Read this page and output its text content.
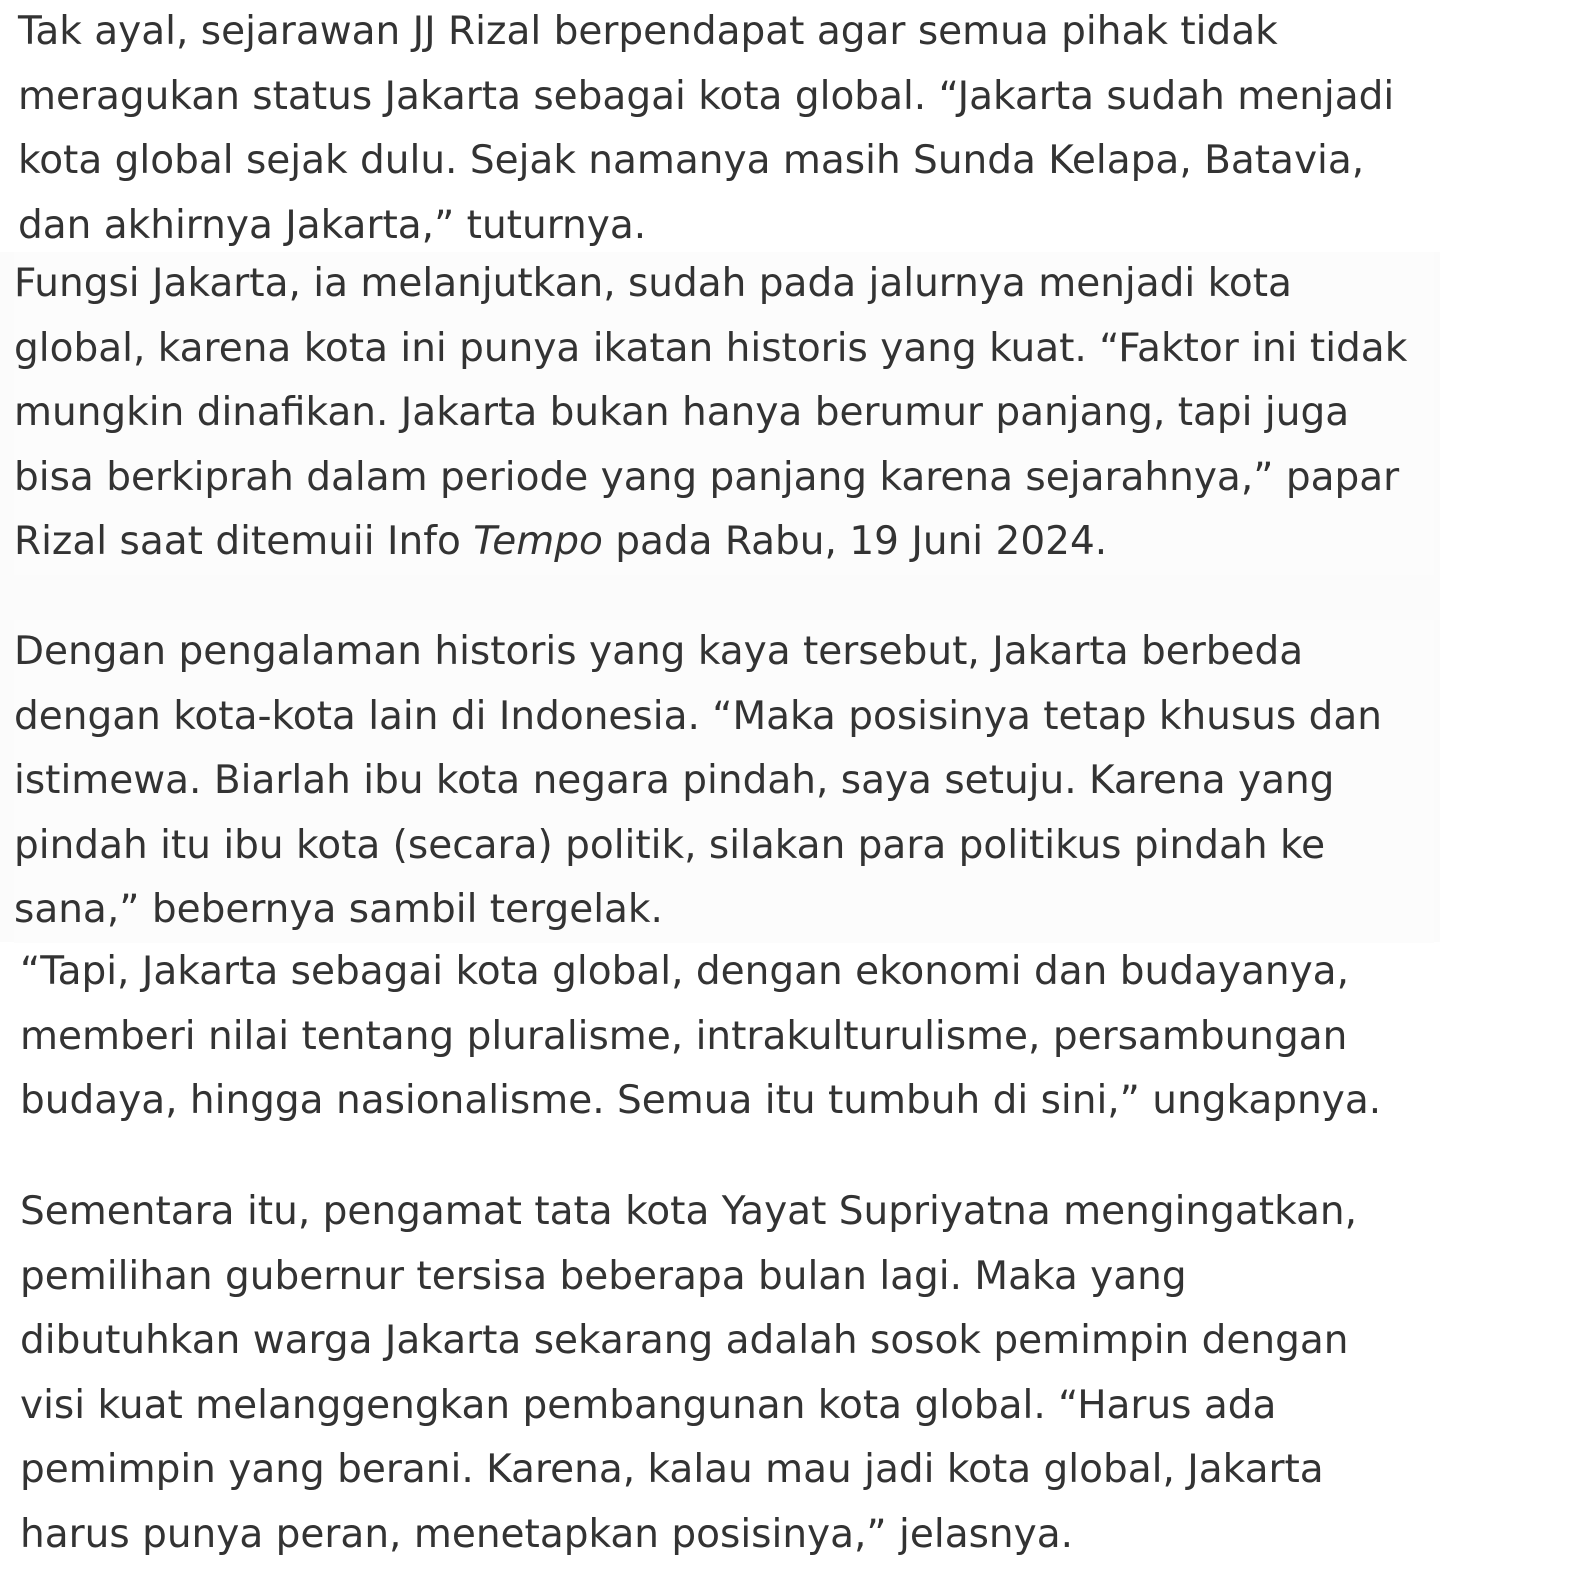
Tak ayal, sejarawan JJ Rizal berpendapat agar semua pihak tidak
meragukan status Jakarta sebagai kota global. “Jakarta sudah menjadi
kota global sejak dulu. Sejak namanya masih Sunda Kelapa, Batavia,
dan akhirnya Jakarta,” tuturnya.

Fungsi Jakarta, ia melanjutkan, sudah pada jalurnya menjadi kota
global, karena kota ini punya ikatan historis yang kuat. “Faktor ini tidak
mungkin dinafikan. Jakarta bukan hanya berumur panjang, tapi juga
bisa berkiprah dalam periode yang panjang karena sejarahnya,” papar
Rizal saat ditemuii Info Tempo pada Rabu, 19 Juni 2024.

Dengan pengalaman historis yang kaya tersebut, Jakarta berbeda
dengan kota-kota lain di Indonesia. “Maka posisinya tetap khusus dan
istimewa. Biarlah ibu kota negara pindah, saya setuju. Karena yang
pindah itu ibu kota (secara) politik, silakan para politikus pindah ke
sana,” bebernya sambil tergelak.

“Tapi, Jakarta sebagai kota global, dengan ekonomi dan budayanya,
memberi nilai tentang pluralisme, intrakulturulisme, persambungan
budaya, hingga nasionalisme. Semua itu tumbuh di sini,” ungkapnya.

Sementara itu, pengamat tata kota Yayat Supriyatna mengingatkan,
pemilihan gubernur tersisa beberapa bulan lagi. Maka yang
dibutuhkan warga Jakarta sekarang adalah sosok pemimpin dengan
visi kuat melanggengkan pembangunan kota global. “Harus ada
pemimpin yang berani. Karena, kalau mau jadi kota global, Jakarta
harus punya peran, menetapkan posisinya,” jelasnya.
